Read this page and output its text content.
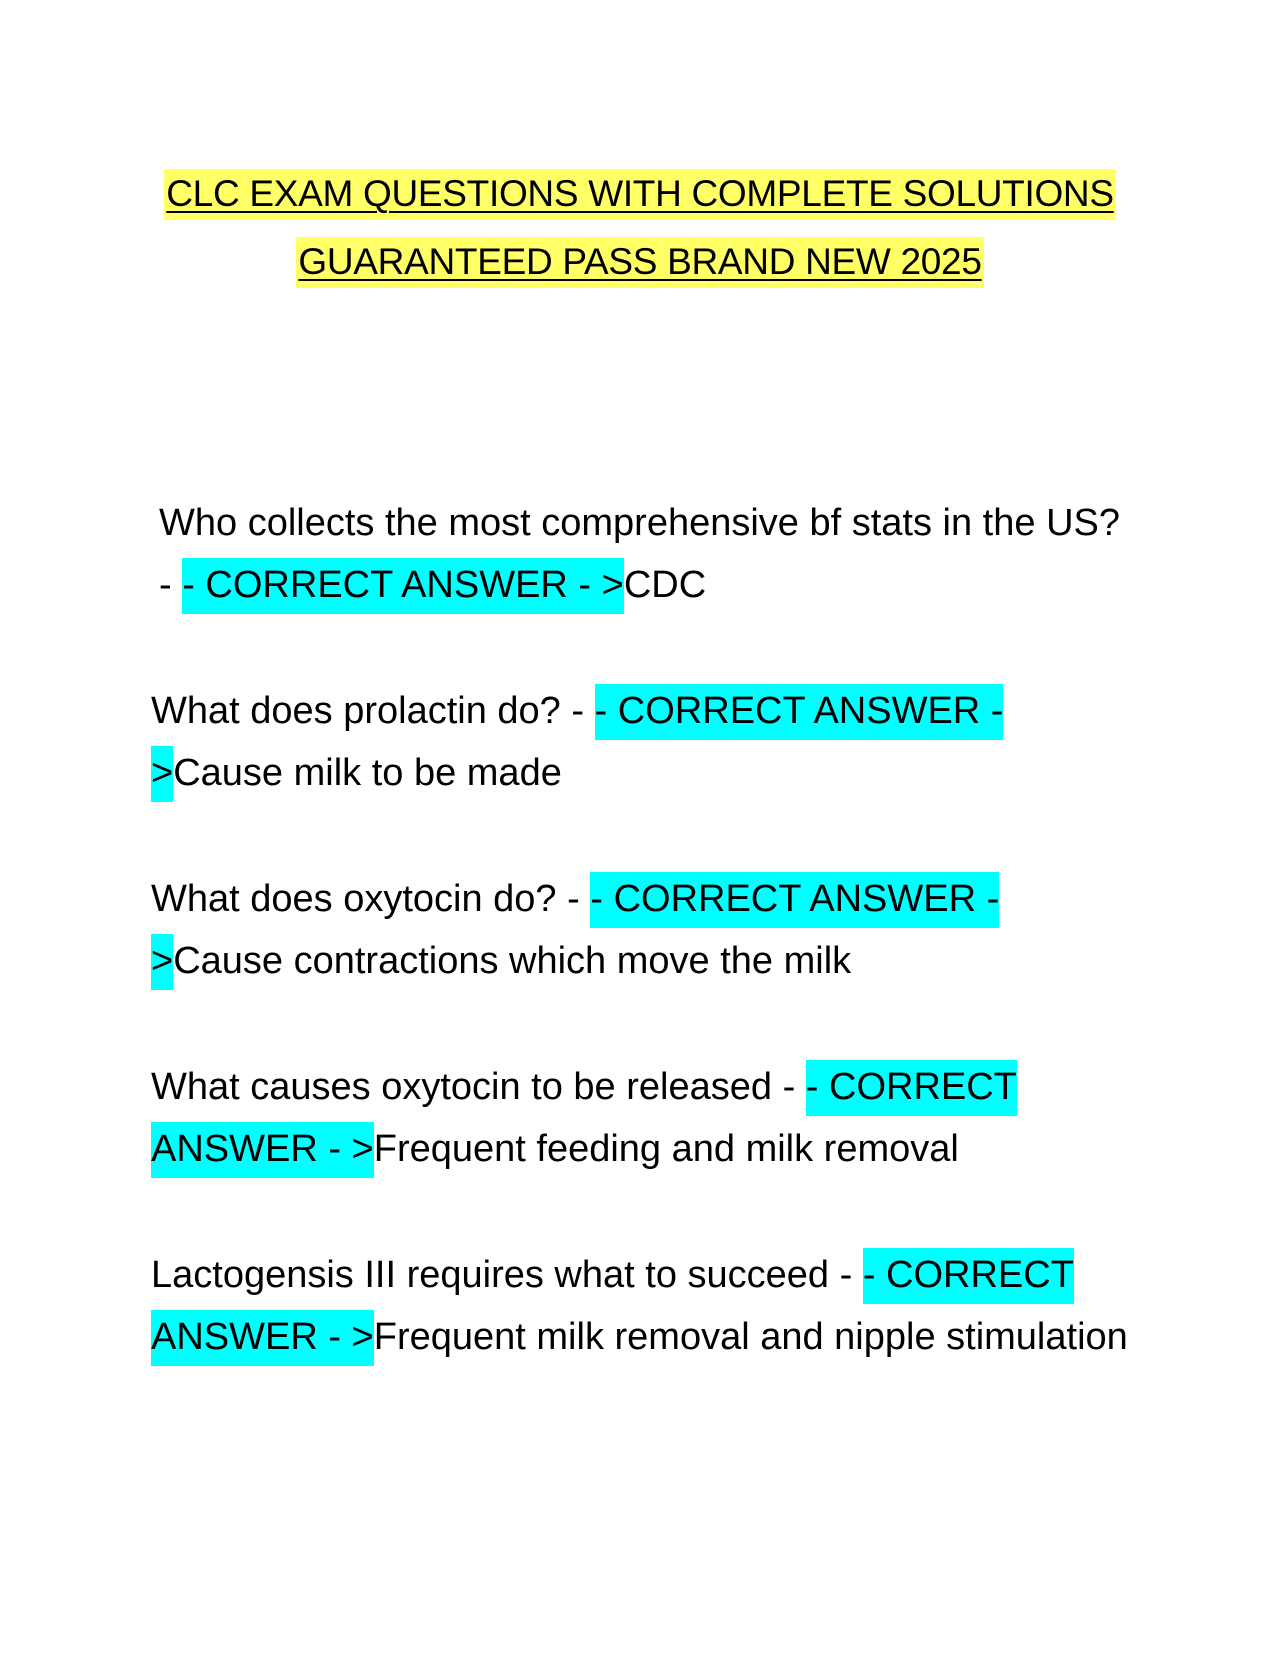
CLC EXAM QUESTIONS WITH COMPLETE SOLUTIONS
GUARANTEED PASS BRAND NEW 2025

Who collects the most comprehensive bf stats in the US? - - CORRECT ANSWER - >CDC

What does prolactin do? - - CORRECT ANSWER - >Cause milk to be made

What does oxytocin do? - - CORRECT ANSWER - >Cause contractions which move the milk

What causes oxytocin to be released - - CORRECT ANSWER - >Frequent feeding and milk removal

Lactogensis III requires what to succeed - - CORRECT ANSWER - >Frequent milk removal and nipple stimulation
